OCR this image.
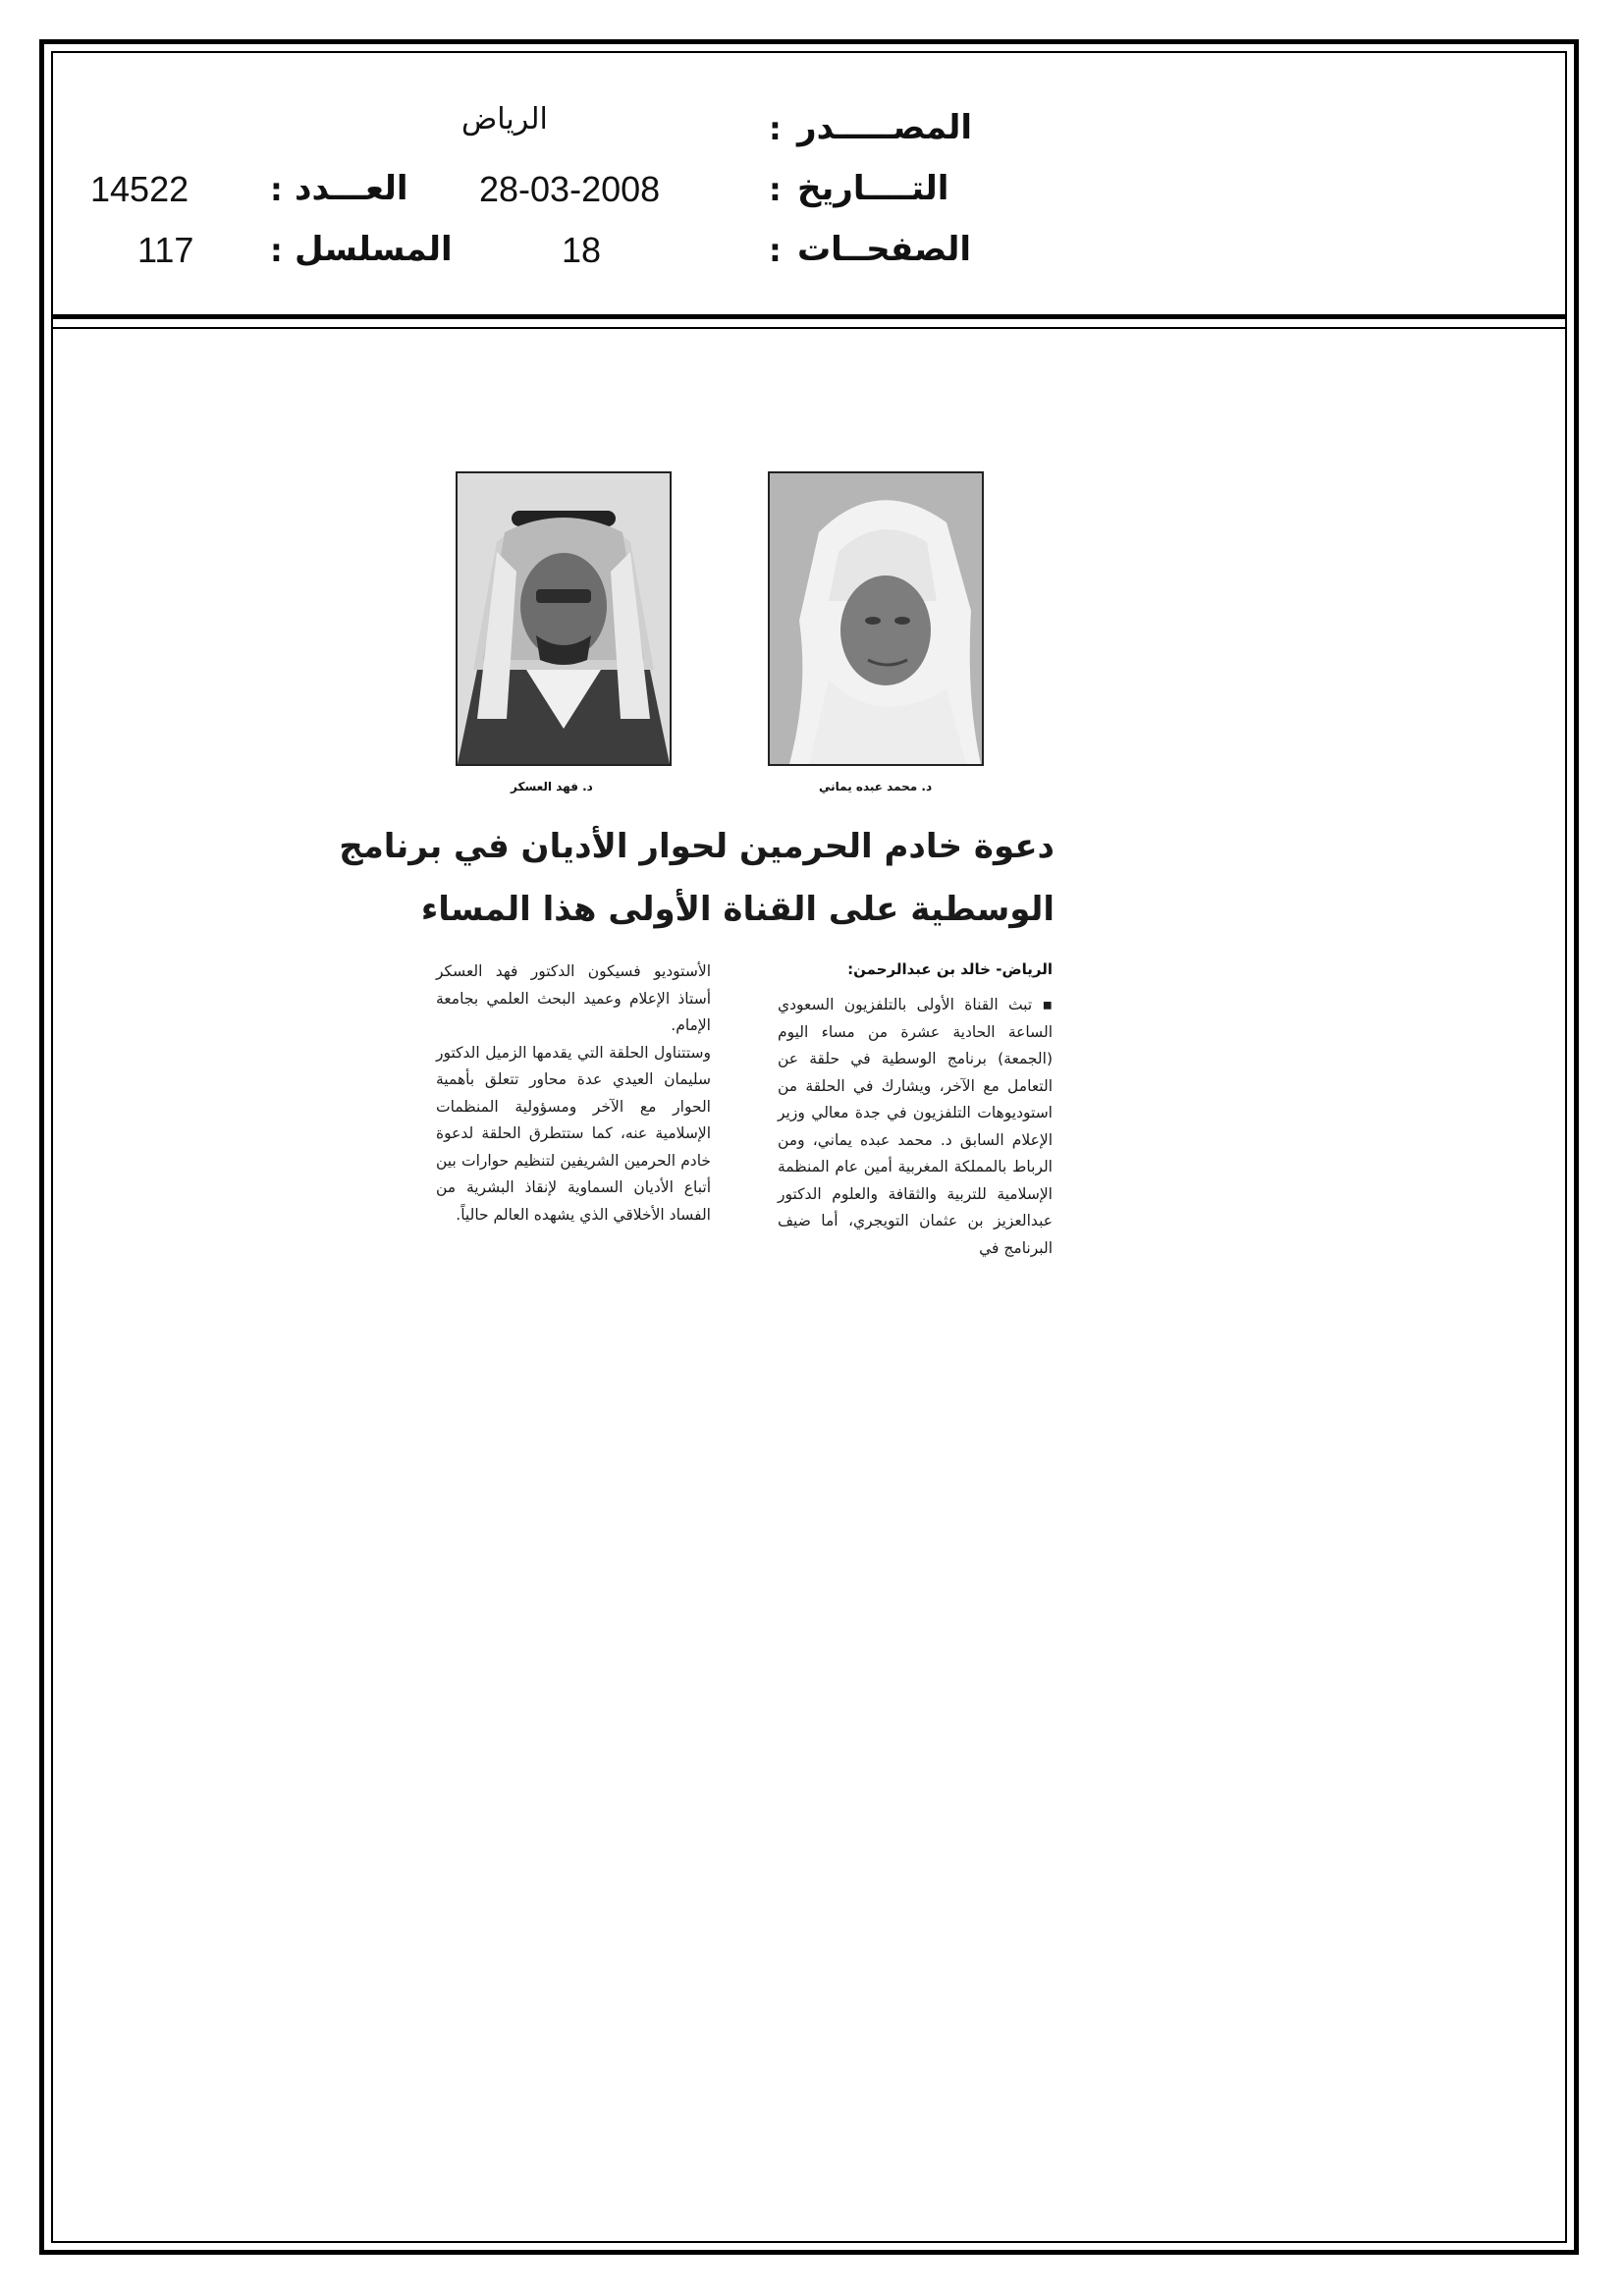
الرياض	المصـــــدر
:
التــــاريخ
:
28-03-2008
العـــدد
:
14522
الصفحــات
:
18
المسلسل
:
117
د. محمد عبده يماني
د. فهد العسكر
دعوة خادم الحرمين لحوار الأديان في برنامج
الوسطية على القناة الأولى هذا المساء
الرياض- خالد بن عبدالرحمن:

▪ تبث القناة الأولى بالتلفزيون السعودي الساعة الحادية عشرة من مساء اليوم (الجمعة) برنامج الوسطية في حلقة عن التعامل مع الآخر، ويشارك في الحلقة من استوديوهات التلفزيون في جدة معالي وزير الإعلام السابق د. محمد عبده يماني، ومن الرباط بالمملكة المغربية أمين عام المنظمة الإسلامية للتربية والثقافة والعلوم الدكتور عبدالعزيز بن عثمان التويجري، أما ضيف البرنامج في

الأستوديو فسيكون الدكتور فهد العسكر أستاذ الإعلام وعميد البحث العلمي بجامعة الإمام.

وستتناول الحلقة التي يقدمها الزميل الدكتور سليمان العيدي عدة محاور تتعلق بأهمية الحوار مع الآخر ومسؤولية المنظمات الإسلامية عنه، كما ستتطرق الحلقة لدعوة خادم الحرمين الشريفين لتنظيم حوارات بين أتباع الأديان السماوية لإنقاذ البشرية من الفساد الأخلاقي الذي يشهده العالم حالياً.
